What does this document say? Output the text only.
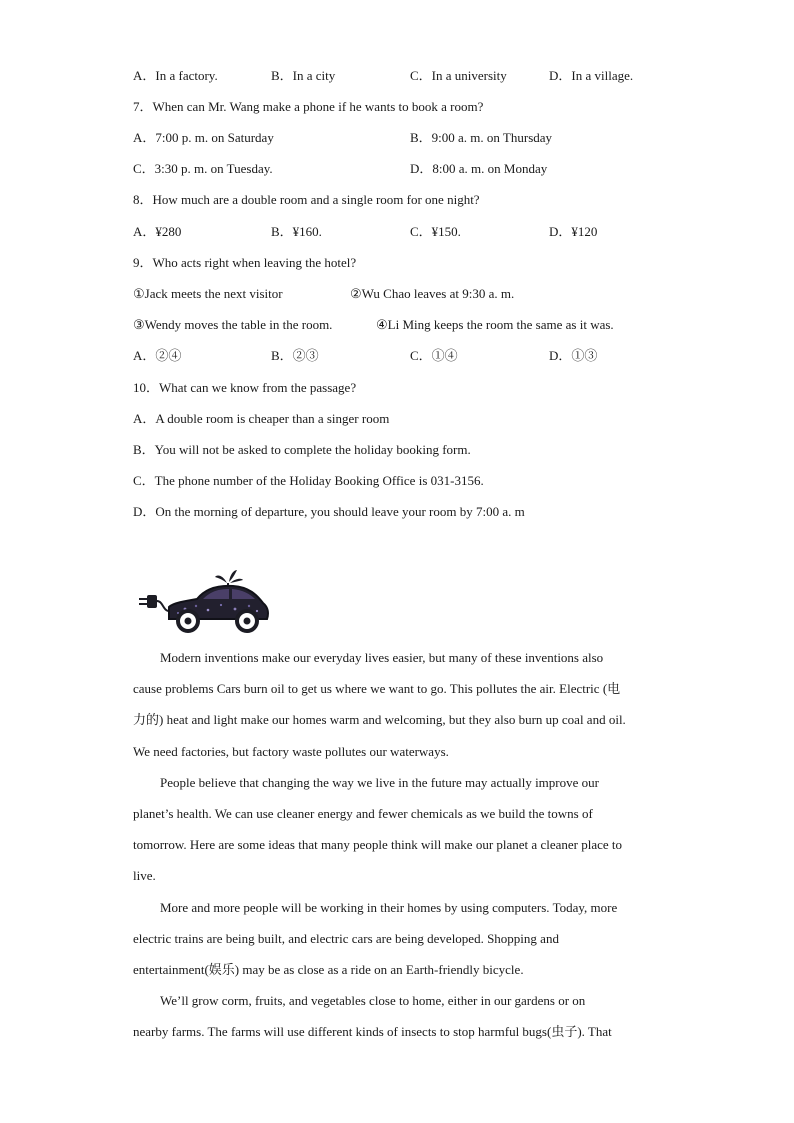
A．In a factory.	B．In a city	C．In a university	D．In a village.
7．When can Mr. Wang make a phone if he wants to book a room?
A．7:00 p. m. on Saturday	B．9:00 a. m. on Thursday
C．3:30 p. m. on Tuesday.	D．8:00 a. m. on Monday
8．How much are a double room and a single room for one night?
A．¥280	B．¥160.	C．¥150.	D．¥120
9．Who acts right when leaving the hotel?
①Jack meets the next visitor	②Wu Chao leaves at 9:30 a. m.
③Wendy moves the table in the room.	④Li Ming keeps the room the same as it was.
A．②④	B．②③	C．①④	D．①③
10．What can we know from the passage?
A．A double room is cheaper than a singer room
B．You will not be asked to complete the holiday booking form.
C．The phone number of the Holiday Booking Office is 031-3156.
D．On the morning of departure, you should leave your room by 7:00 a. m
Modern inventions make our everyday lives easier, but many of these inventions also
cause problems Cars burn oil to get us where we want to go. This pollutes the air. Electric (电
力的) heat and light make our homes warm and welcoming, but they also burn up coal and oil.
We need factories, but factory waste pollutes our waterways.
People believe that changing the way we live in the future may actually improve our
planet’s health. We can use cleaner energy and fewer chemicals as we build the towns of
tomorrow. Here are some ideas that many people think will make our planet a cleaner place to
live.
More and more people will be working in their homes by using computers. Today, more
electric trains are being built, and electric cars are being developed. Shopping and
entertainment(娱乐) may be as close as a ride on an Earth-friendly bicycle.
We’ll grow corm, fruits, and vegetables close to home, either in our gardens or on
nearby farms. The farms will use different kinds of insects to stop harmful bugs(虫子). That
